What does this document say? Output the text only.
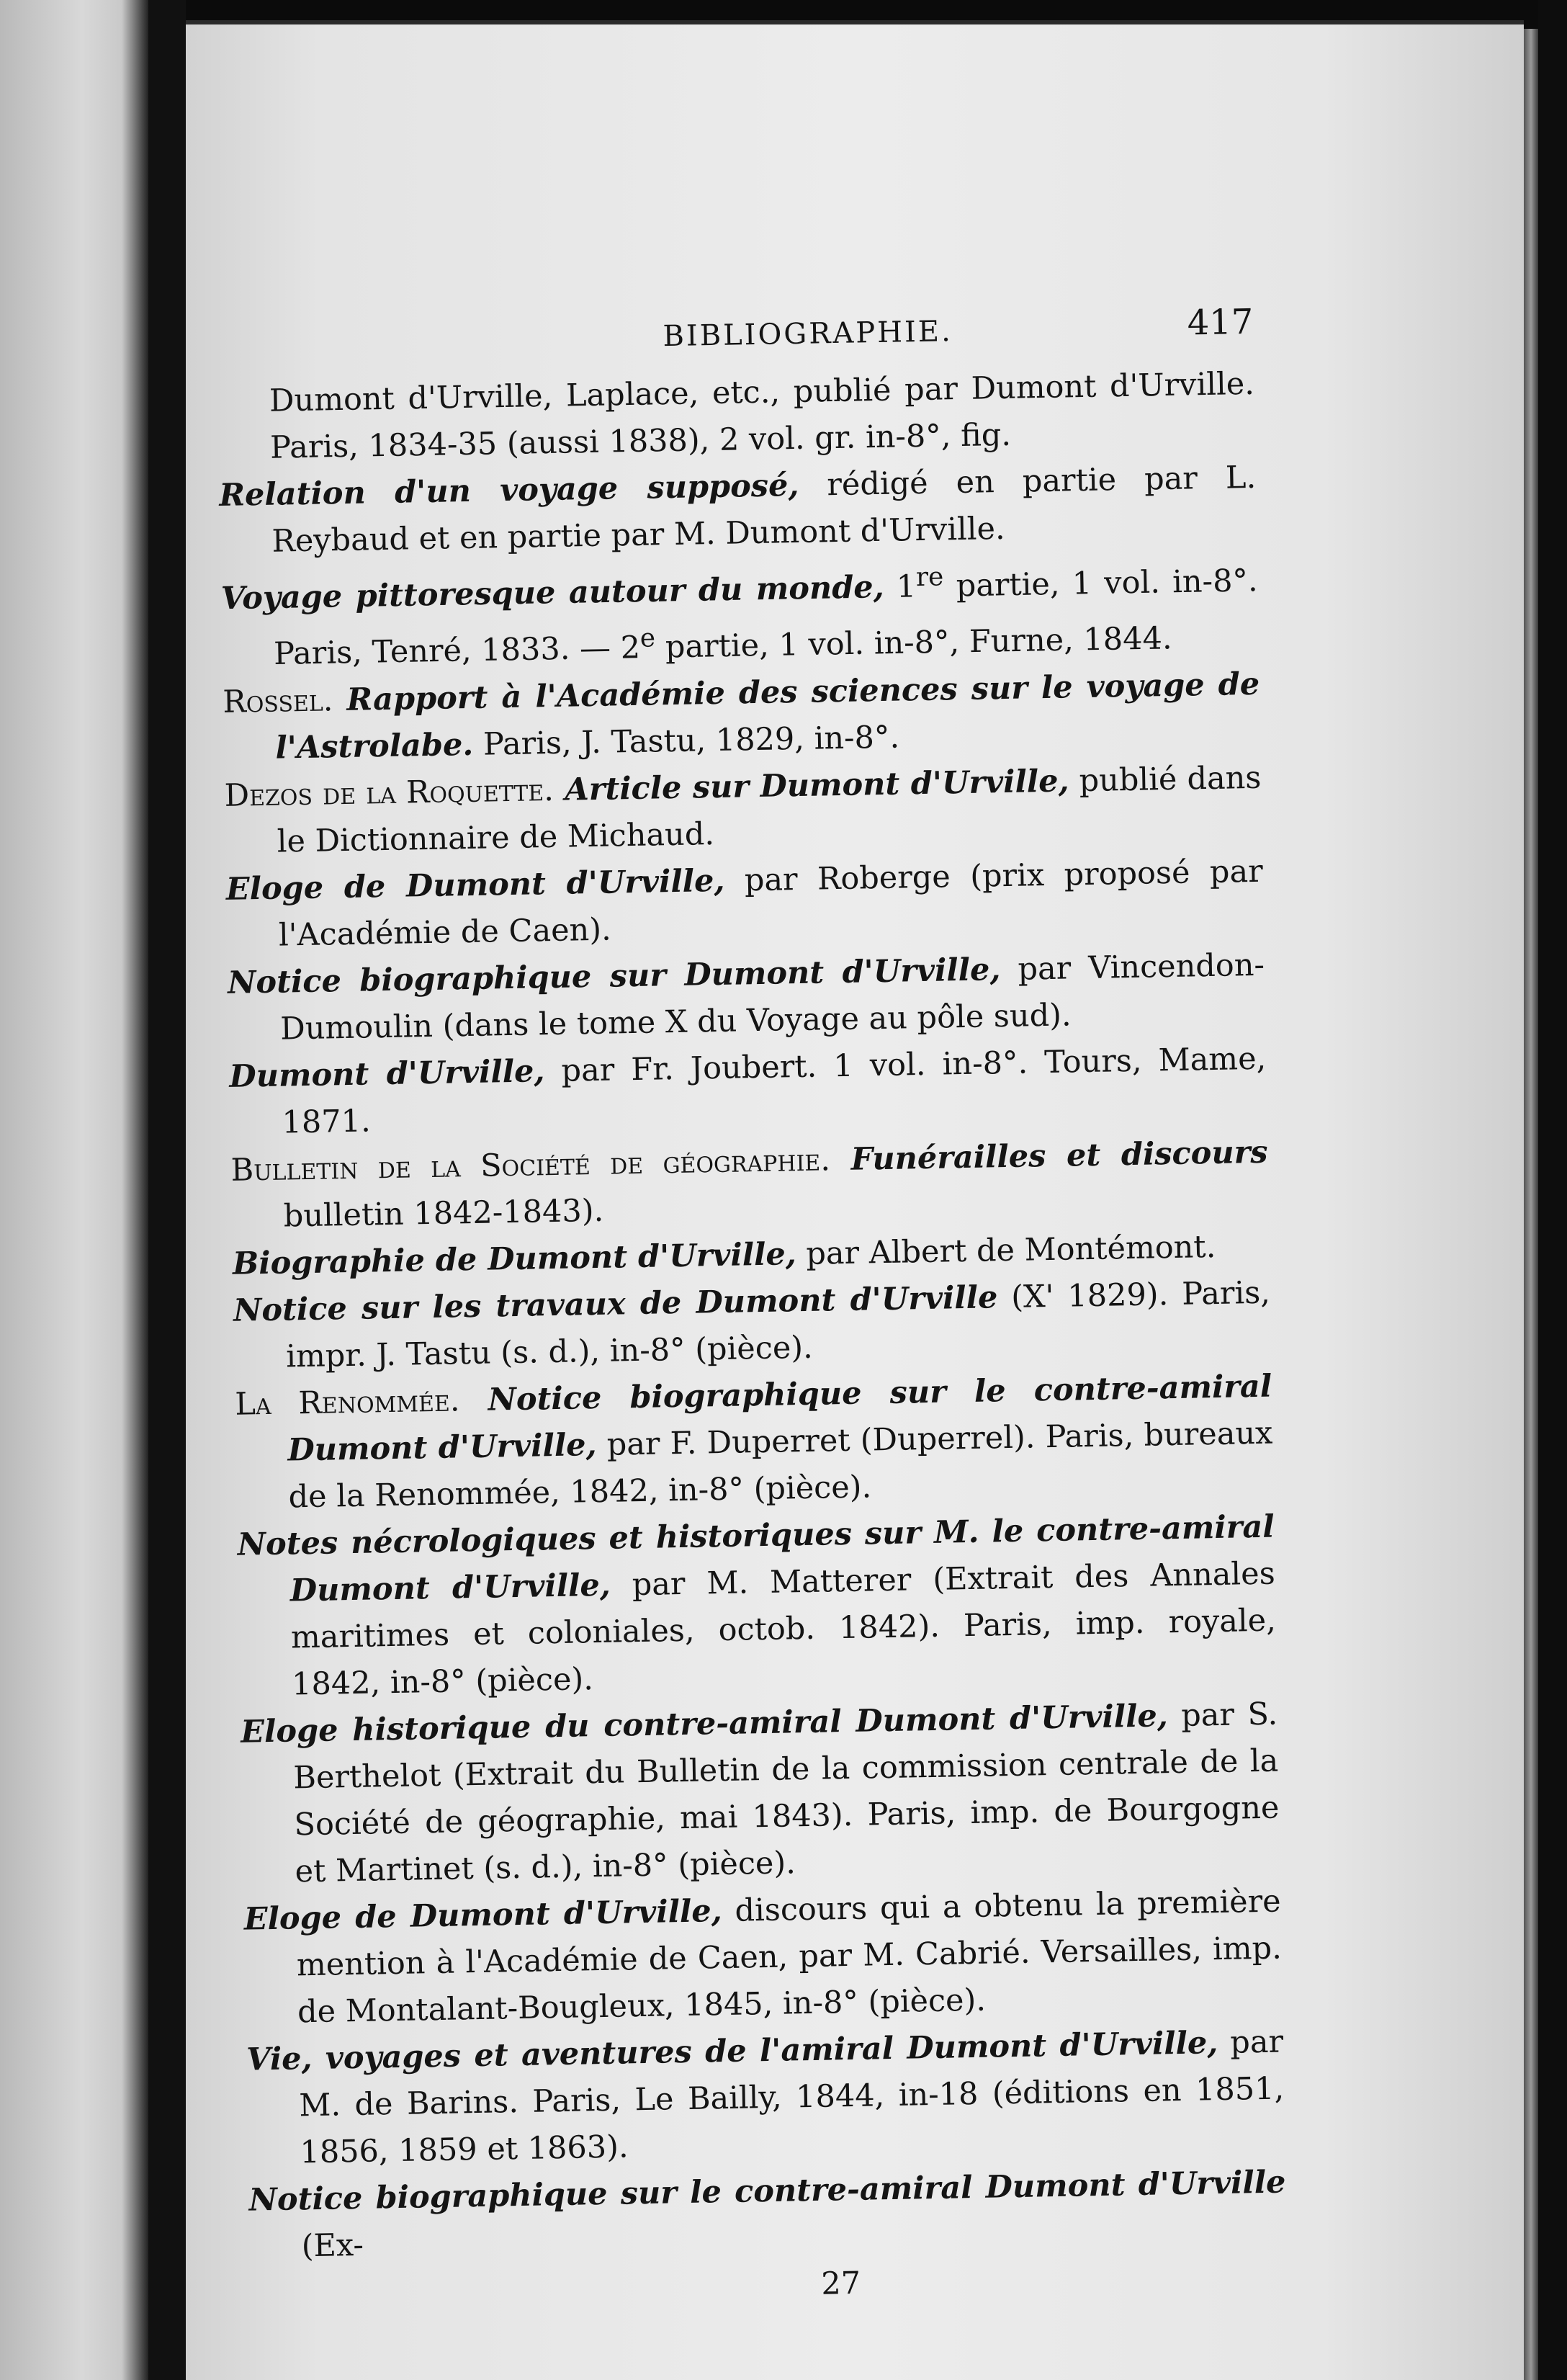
BIBLIOGRAPHIE.	417

Dumont d'Urville, Laplace, etc., publié par Dumont d'Urville. Paris, 1834-35 (aussi 1838), 2 vol. gr. in-8°, fig.

Relation d'un voyage supposé, rédigé en partie par L. Reybaud et en partie par M. Dumont d'Urville.

Voyage pittoresque autour du monde, 1re partie, 1 vol. in-8°. Paris, Tenré, 1833. — 2e partie, 1 vol. in-8°, Furne, 1844.

Rossel. Rapport à l'Académie des sciences sur le voyage de l'Astrolabe. Paris, J. Tastu, 1829, in-8°.

Dezos de la Roquette. Article sur Dumont d'Urville, publié dans le Dictionnaire de Michaud.

Eloge de Dumont d'Urville, par Roberge (prix proposé par l'Académie de Caen).

Notice biographique sur Dumont d'Urville, par Vincendon-Dumoulin (dans le tome X du Voyage au pôle sud).

Dumont d'Urville, par Fr. Joubert. 1 vol. in-8°. Tours, Mame, 1871.

Bulletin de la Société de géographie. Funérailles et discours bulletin 1842-1843).

Biographie de Dumont d'Urville, par Albert de Montémont.

Notice sur les travaux de Dumont d'Urville (X' 1829). Paris, impr. J. Tastu (s. d.), in-8° (pièce).

La Renommée. Notice biographique sur le contre-amiral Dumont d'Urville, par F. Duperret (Duperrel). Paris, bureaux de la Renommée, 1842, in-8° (pièce).

Notes nécrologiques et historiques sur M. le contre-amiral Dumont d'Urville, par M. Matterer (Extrait des Annales maritimes et coloniales, octob. 1842). Paris, imp. royale, 1842, in-8° (pièce).

Eloge historique du contre-amiral Dumont d'Urville, par S. Berthelot (Extrait du Bulletin de la commission centrale de la Société de géographie, mai 1843). Paris, imp. de Bourgogne et Martinet (s. d.), in-8° (pièce).

Eloge de Dumont d'Urville, discours qui a obtenu la première mention à l'Académie de Caen, par M. Cabrié. Versailles, imp. de Montalant-Bougleux, 1845, in-8° (pièce).

Vie, voyages et aventures de l'amiral Dumont d'Urville, par M. de Barins. Paris, Le Bailly, 1844, in-18 (éditions en 1851, 1856, 1859 et 1863).

Notice biographique sur le contre-amiral Dumont d'Urville (Ex-

27
